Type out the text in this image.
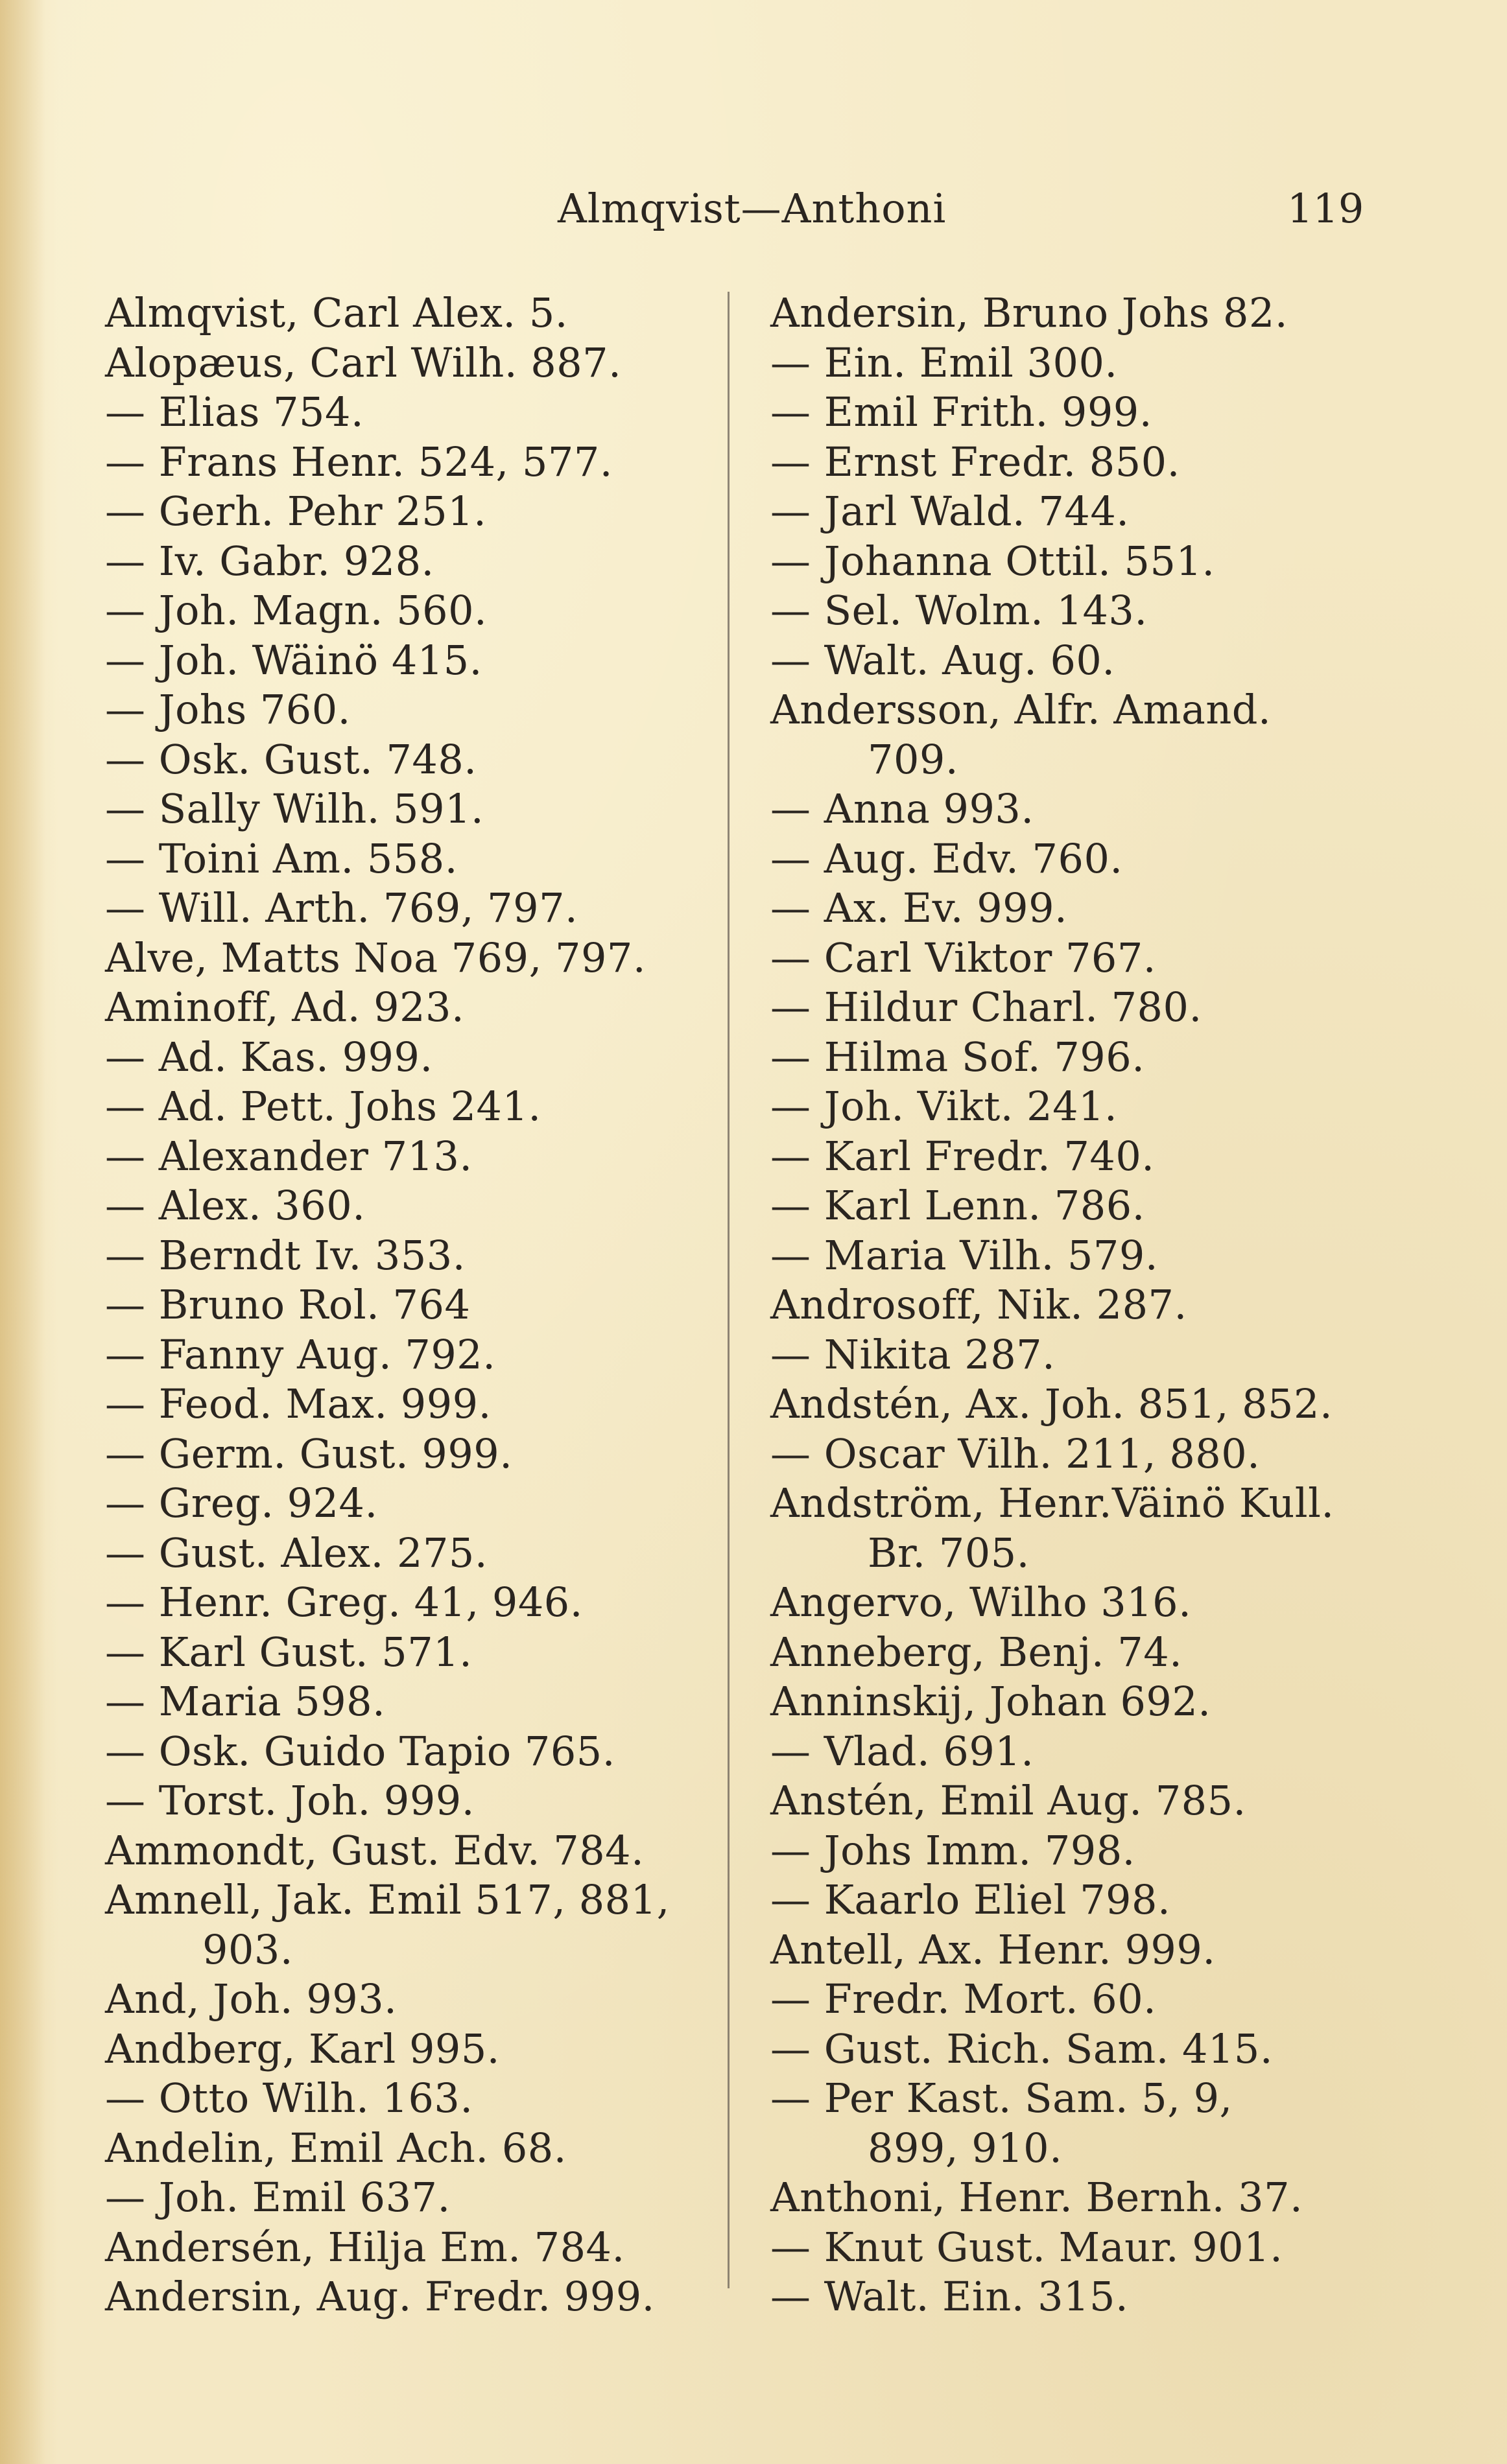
Almqvist—Anthoni	119
Almqvist, Carl Alex. 5.
Alopæus, Carl Wilh. 887.
— Elias 754.
— Frans Henr. 524, 577.
— Gerh. Pehr 251.
— Iv. Gabr. 928.
— Joh. Magn. 560.
— Joh. Wäinö 415.
— Johs 760.
— Osk. Gust. 748.
— Sally Wilh. 591.
— Toini Am. 558.
— Will. Arth. 769, 797.
Alve, Matts Noa 769, 797.
Aminoff, Ad. 923.
— Ad. Kas. 999.
— Ad. Pett. Johs 241.
— Alexander 713.
— Alex. 360.
— Berndt Iv. 353.
— Bruno Rol. 764
— Fanny Aug. 792.
— Feod. Max. 999.
— Germ. Gust. 999.
— Greg. 924.
— Gust. Alex. 275.
— Henr. Greg. 41, 946.
— Karl Gust. 571.
— Maria 598.
— Osk. Guido Tapio 765.
— Torst. Joh. 999.
Ammondt, Gust. Edv. 784.
Amnell, Jak. Emil 517, 881,
903.
And, Joh. 993.
Andberg, Karl 995.
— Otto Wilh. 163.
Andelin, Emil Ach. 68.
— Joh. Emil 637.
Andersén, Hilja Em. 784.
Andersin, Aug. Fredr. 999.
Andersin, Bruno Johs 82.
— Ein. Emil 300.
— Emil Frith. 999.
— Ernst Fredr. 850.
— Jarl Wald. 744.
— Johanna Ottil. 551.
— Sel. Wolm. 143.
— Walt. Aug. 60.
Andersson, Alfr. Amand.
709.
— Anna 993.
— Aug. Edv. 760.
— Ax. Ev. 999.
— Carl Viktor 767.
— Hildur Charl. 780.
— Hilma Sof. 796.
— Joh. Vikt. 241.
— Karl Fredr. 740.
— Karl Lenn. 786.
— Maria Vilh. 579.
Androsoff, Nik. 287.
— Nikita 287.
Andstén, Ax. Joh. 851, 852.
— Oscar Vilh. 211, 880.
Andström, Henr.Väinö Kull.
Br. 705.
Angervo, Wilho 316.
Anneberg, Benj. 74.
Anninskij, Johan 692.
— Vlad. 691.
Anstén, Emil Aug. 785.
— Johs Imm. 798.
— Kaarlo Eliel 798.
Antell, Ax. Henr. 999.
— Fredr. Mort. 60.
— Gust. Rich. Sam. 415.
— Per Kast. Sam. 5, 9,
899, 910.
Anthoni, Henr. Bernh. 37.
— Knut Gust. Maur. 901.
— Walt. Ein. 315.
